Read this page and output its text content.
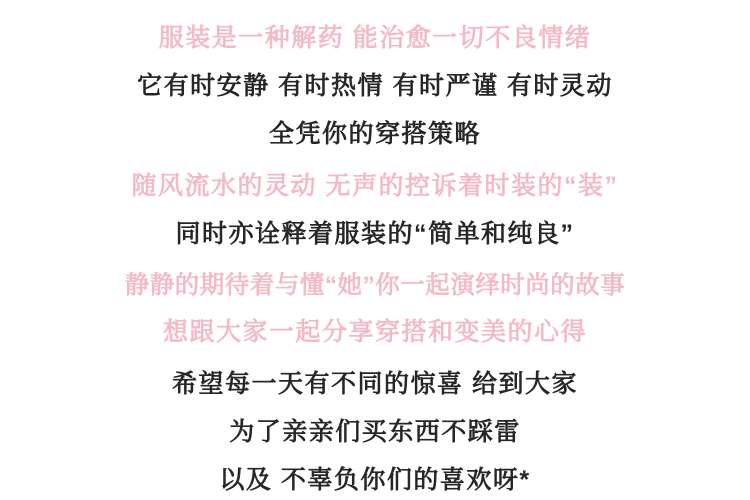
服装是一种解药 能治愈一切不良情绪
它有时安静 有时热情 有时严谨 有时灵动
全凭你的穿搭策略
随风流水的灵动 无声的控诉着时装的“装”
同时亦诠释着服装的“简单和纯良”
静静的期待着与懂“她”你一起演绎时尚的故事
想跟大家一起分享穿搭和变美的心得
希望每一天有不同的惊喜 给到大家
为了亲亲们买东西不踩雷
以及 不辜负你们的喜欢呀*
